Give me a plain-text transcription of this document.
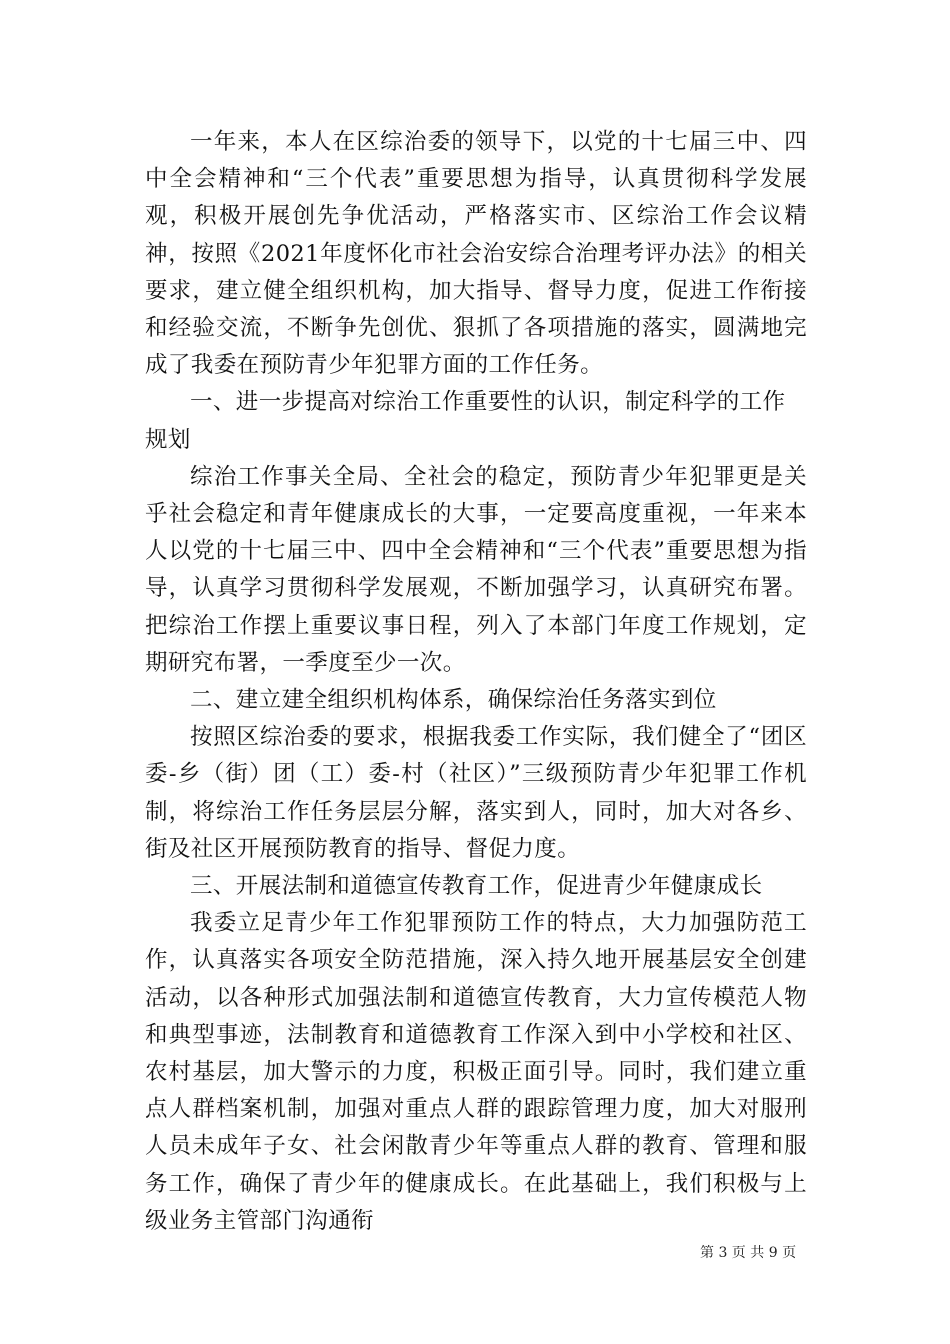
一年来，本人在区综治委的领导下，以党的十七届三中、四中全会精神和“三个代表”重要思想为指导，认真贯彻科学发展观，积极开展创先争优活动，严格落实市、区综治工作会议精神，按照《2021年度怀化市社会治安综合治理考评办法》的相关要求，建立健全组织机构，加大指导、督导力度，促进工作衔接和经验交流，不断争先创优、狠抓了各项措施的落实，圆满地完成了我委在预防青少年犯罪方面的工作任务。

一、进一步提高对综治工作重要性的认识，制定科学的工作规划

综治工作事关全局、全社会的稳定，预防青少年犯罪更是关乎社会稳定和青年健康成长的大事，一定要高度重视，一年来本人以党的十七届三中、四中全会精神和“三个代表”重要思想为指导，认真学习贯彻科学发展观，不断加强学习，认真研究布署。把综治工作摆上重要议事日程，列入了本部门年度工作规划，定期研究布署，一季度至少一次。

二、建立建全组织机构体系，确保综治任务落实到位

按照区综治委的要求，根据我委工作实际，我们健全了“团区委-乡（街）团（工）委-村（社区）”三级预防青少年犯罪工作机制，将综治工作任务层层分解，落实到人，同时，加大对各乡、街及社区开展预防教育的指导、督促力度。

三、开展法制和道德宣传教育工作，促进青少年健康成长

我委立足青少年工作犯罪预防工作的特点，大力加强防范工作，认真落实各项安全防范措施，深入持久地开展基层安全创建活动，以各种形式加强法制和道德宣传教育，大力宣传模范人物和典型事迹，法制教育和道德教育工作深入到中小学校和社区、农村基层，加大警示的力度，积极正面引导。同时，我们建立重点人群档案机制，加强对重点人群的跟踪管理力度，加大对服刑人员未成年子女、社会闲散青少年等重点人群的教育、管理和服务工作，确保了青少年的健康成长。在此基础上，我们积极与上级业务主管部门沟通衔

第 3 页 共 9 页
